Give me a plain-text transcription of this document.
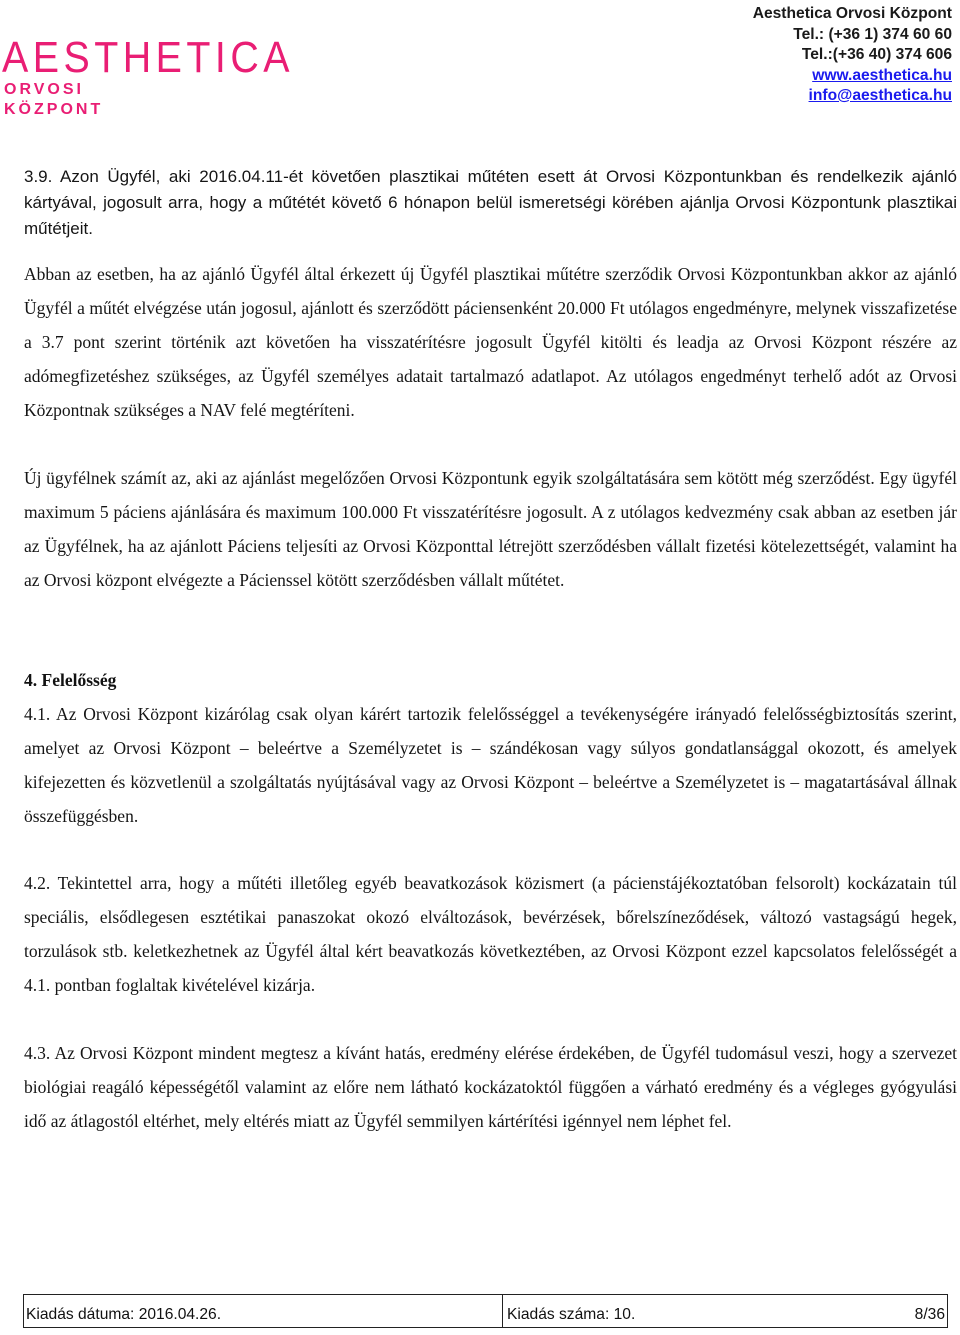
AESTHETICA
ORVOSI
KÖZPONT
Aesthetica Orvosi Központ
Tel.: (+36 1) 374 60 60
Tel.:(+36 40) 374 606
www.aesthetica.hu
info@aesthetica.hu
3.9. Azon Ügyfél, aki 2016.04.11-ét követően plasztikai műtéten esett át Orvosi Központunkban és rendelkezik ajánló kártyával, jogosult arra, hogy a műtétét követő 6 hónapon belül ismeretségi körében ajánlja Orvosi Központunk plasztikai műtétjeit.
Abban az esetben, ha az ajánló Ügyfél által érkezett új Ügyfél plasztikai műtétre szerződik Orvosi Központunkban akkor az ajánló Ügyfél a műtét elvégzése után jogosul, ajánlott és szerződött páciensenként 20.000 Ft utólagos engedményre, melynek visszafizetése a 3.7 pont szerint történik azt követően ha visszatérítésre jogosult Ügyfél kitölti és leadja az Orvosi Központ részére az adómegfizetéshez szükséges, az Ügyfél személyes adatait tartalmazó adatlapot. Az utólagos engedményt terhelő adót az Orvosi Központnak szükséges a NAV felé megtéríteni.
Új ügyfélnek számít az, aki az ajánlást megelőzően Orvosi Központunk egyik szolgáltatására sem kötött még szerződést. Egy ügyfél maximum 5 páciens ajánlására és maximum 100.000 Ft visszatérítésre jogosult. A z utólagos kedvezmény csak abban az esetben jár az Ügyfélnek, ha az ajánlott Páciens teljesíti az Orvosi Központtal létrejött szerződésben vállalt fizetési kötelezettségét, valamint ha az Orvosi központ elvégezte a Pácienssel kötött szerződésben vállalt műtétet.
4. Felelősség
4.1. Az Orvosi Központ kizárólag csak olyan kárért tartozik felelősséggel a tevékenységére irányadó felelősségbiztosítás szerint, amelyet az Orvosi Központ – beleértve a Személyzetet is – szándékosan vagy súlyos gondatlansággal okozott, és amelyek kifejezetten és közvetlenül a szolgáltatás nyújtásával vagy az Orvosi Központ – beleértve a Személyzetet is – magatartásával állnak összefüggésben.
4.2. Tekintettel arra, hogy a műtéti illetőleg egyéb beavatkozások közismert (a pácienstájékoztatóban felsorolt) kockázatain túl speciális, elsődlegesen esztétikai panaszokat okozó elváltozások, bevérzések, bőrelszíneződések, változó vastagságú hegek, torzulások stb. keletkezhetnek az Ügyfél által kért beavatkozás következtében, az Orvosi Központ ezzel kapcsolatos felelősségét a 4.1. pontban foglaltak kivételével kizárja.
4.3. Az Orvosi Központ mindent megtesz a kívánt hatás, eredmény elérése érdekében, de Ügyfél tudomásul veszi, hogy a szervezet biológiai reagáló képességétől valamint az előre nem látható kockázatoktól függően a várható eredmény és a végleges gyógyulási idő az átlagostól eltérhet, mely eltérés miatt az Ügyfél semmilyen kártérítési igénnyel nem léphet fel.
Kiadás dátuma: 2016.04.26.	Kiadás száma: 10.	8/36
